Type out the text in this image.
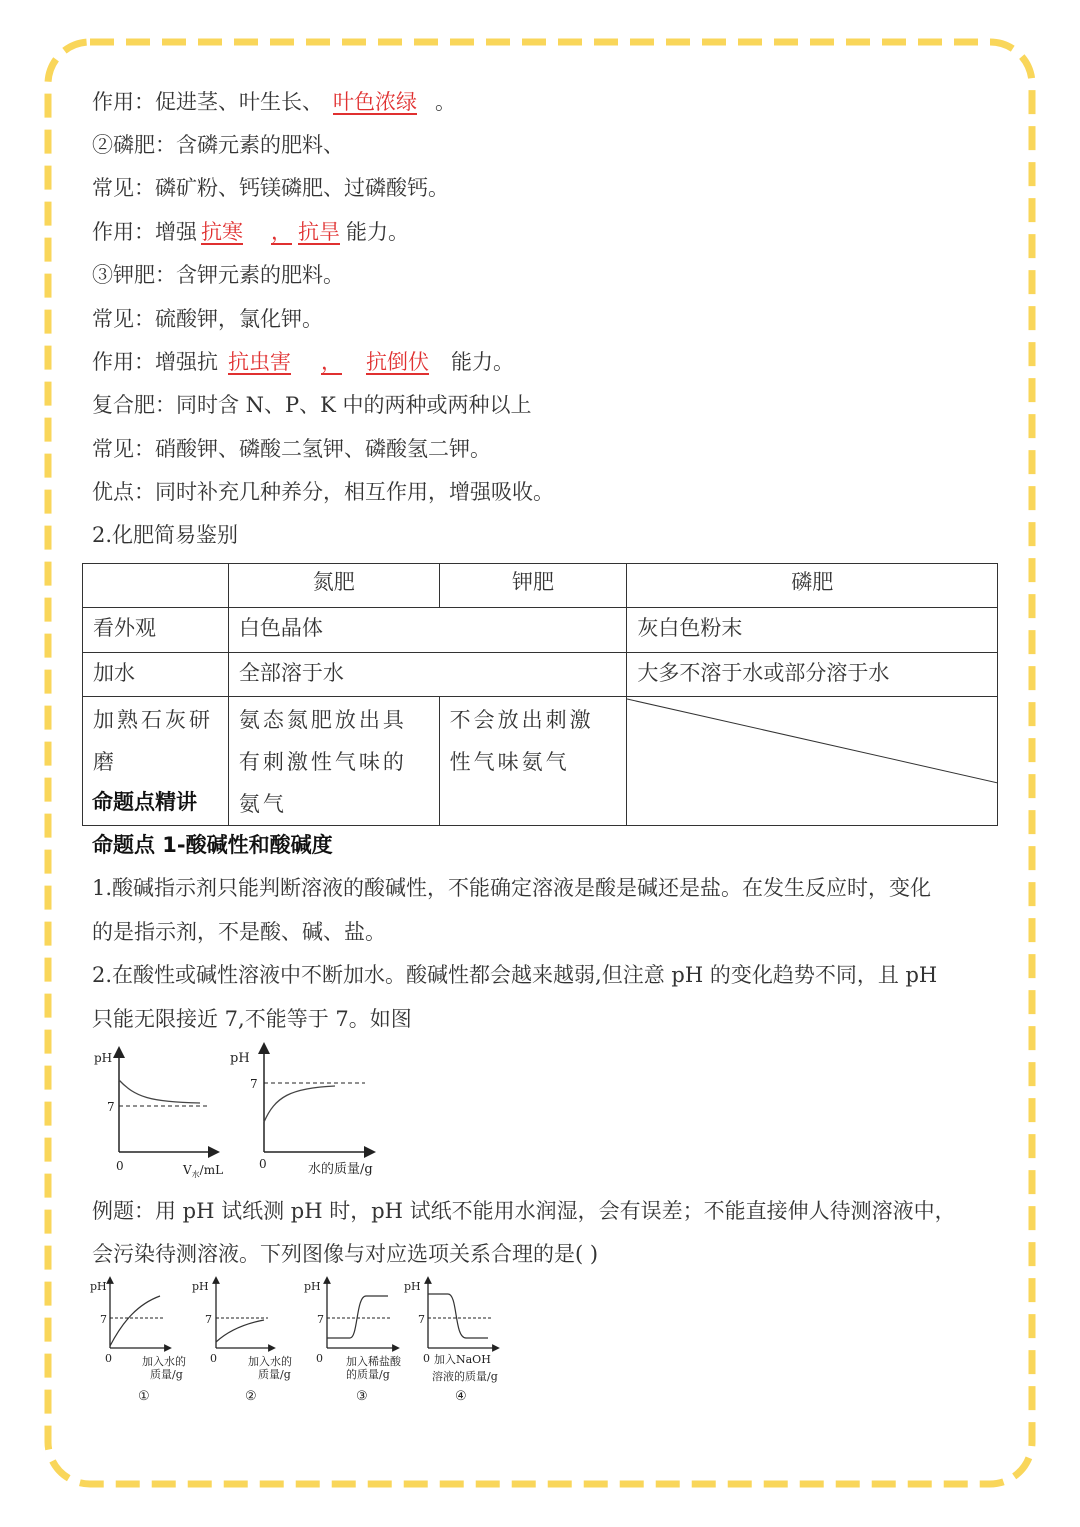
作用：促进茎、叶生长、 叶色浓绿 。
②磷肥：含磷元素的肥料、
常见：磷矿粉、钙镁磷肥、过磷酸钙。
作用：增强 抗寒 ， 抗旱 能力。
③钾肥：含钾元素的肥料。
常见：硫酸钾，氯化钾。
作用：增强抗 抗虫害 ， 抗倒伏 能力。
复合肥：同时含 N、P、K 中的两种或两种以上
常见：硝酸钾、磷酸二氢钾、磷酸氢二钾。
优点：同时补充几种养分，相互作用，增强吸收。
2.化肥简易鉴别
	氮肥	钾肥	磷肥
看外观	白色晶体		灰白色粉末
加水	全部溶于水		大多不溶于水或部分溶于水
加熟石灰研磨	氨态氮肥放出具有刺激性气味的氨气	不会放出刺激性气味氨气	
命题点精讲
命题点 1-酸碱性和酸碱度
1.酸碱指示剂只能判断溶液的酸碱性，不能确定溶液是酸是碱还是盐。在发生反应时，变化
的是指示剂，不是酸、碱、盐。
2.在酸性或碱性溶液中不断加水。酸碱性都会越来越弱,但注意 pH 的变化趋势不同，且 pH
只能无限接近 7,不能等于 7。如图
pH
7
0	$V_水/mL$
pH
7
0	水的质量/g
例题：用 pH 试纸测 pH 时，pH 试纸不能用水润湿，会有误差；不能直接伸人待测溶液中，
会污染待测溶液。下列图像与对应选项关系合理的是( )
pH
7
0	加入水的
质量/g
①
pH
7
0	加入水的
质量/g
②
pH
7
0 加入稀盐酸
的质量/g
③
pH
7
0 加入NaOH
溶液的质量/g
④
